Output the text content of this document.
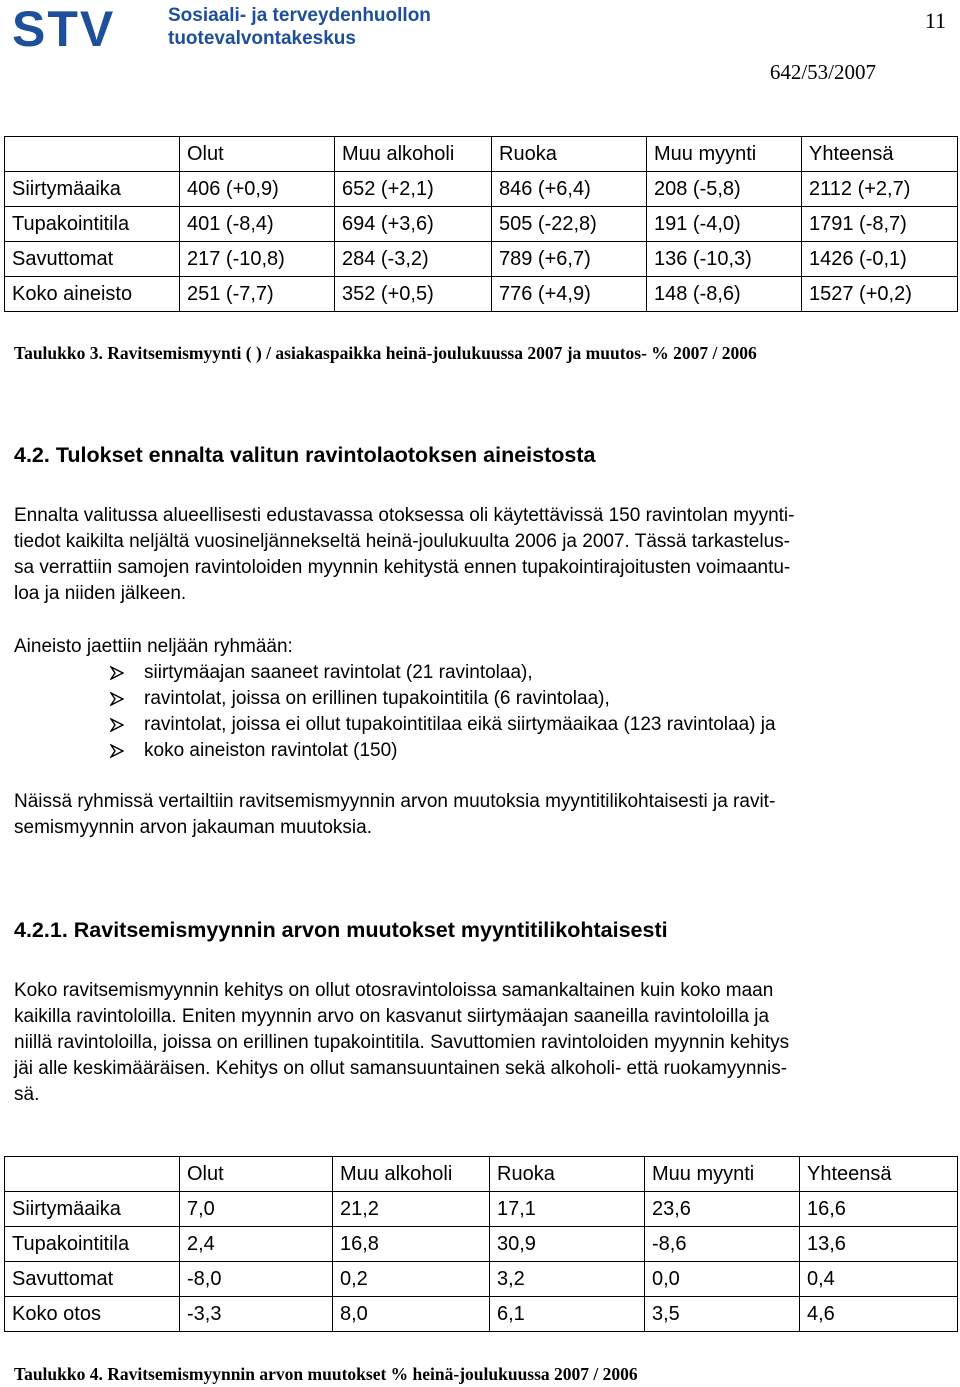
STV	Sosiaali- ja terveydenhuollon
tuotevalvontakeskus
11
642/53/2007
	Olut	Muu alkoholi	Ruoka	Muu myynti	Yhteensä
Siirtymäaika	406 (+0,9)	652 (+2,1)	846 (+6,4)	208 (-5,8)	2112 (+2,7)
Tupakointitila	401 (-8,4)	694 (+3,6)	505 (-22,8)	191 (-4,0)	1791 (-8,7)
Savuttomat	217 (-10,8)	284 (-3,2)	789 (+6,7)	136 (-10,3)	1426 (-0,1)
Koko aineisto	251 (-7,7)	352 (+0,5)	776 (+4,9)	148 (-8,6)	1527 (+0,2)
Taulukko 3. Ravitsemismyynti ( ) / asiakaspaikka heinä-joulukuussa 2007 ja muutos- % 2007 / 2006
4.2. Tulokset ennalta valitun ravintolaotoksen aineistosta
Ennalta valitussa alueellisesti edustavassa otoksessa oli käytettävissä 150 ravintolan myynti-
tiedot kaikilta neljältä vuosineljännekseltä heinä-joulukuulta 2006 ja 2007. Tässä tarkastelus-
sa verrattiin samojen ravintoloiden myynnin kehitystä ennen tupakointirajoitusten voimaantu-
loa ja niiden jälkeen.
Aineisto jaettiin neljään ryhmään:
siirtymäajan saaneet ravintolat (21 ravintolaa),
ravintolat, joissa on erillinen tupakointitila (6 ravintolaa),
ravintolat, joissa ei ollut tupakointitilaa eikä siirtymäaikaa (123 ravintolaa) ja
koko aineiston ravintolat (150)
Näissä ryhmissä vertailtiin ravitsemismyynnin arvon muutoksia myyntitilikohtaisesti ja ravit-
semismyynnin arvon jakauman muutoksia.
4.2.1. Ravitsemismyynnin arvon muutokset myyntitilikohtaisesti
Koko ravitsemismyynnin kehitys on ollut otosravintoloissa samankaltainen kuin koko maan
kaikilla ravintoloilla. Eniten myynnin arvo on kasvanut siirtymäajan saaneilla ravintoloilla ja
niillä ravintoloilla, joissa on erillinen tupakointitila. Savuttomien ravintoloiden myynnin kehitys
jäi alle keskimääräisen. Kehitys on ollut samansuuntainen sekä alkoholi- että ruokamyynnis-
sä.
	Olut	Muu alkoholi	Ruoka	Muu myynti	Yhteensä
Siirtymäaika	7,0	21,2	17,1	23,6	16,6
Tupakointitila	2,4	16,8	30,9	-8,6	13,6
Savuttomat	-8,0	0,2	3,2	0,0	0,4
Koko otos	-3,3	8,0	6,1	3,5	4,6
Taulukko 4. Ravitsemismyynnin arvon muutokset % heinä-joulukuussa 2007 / 2006
